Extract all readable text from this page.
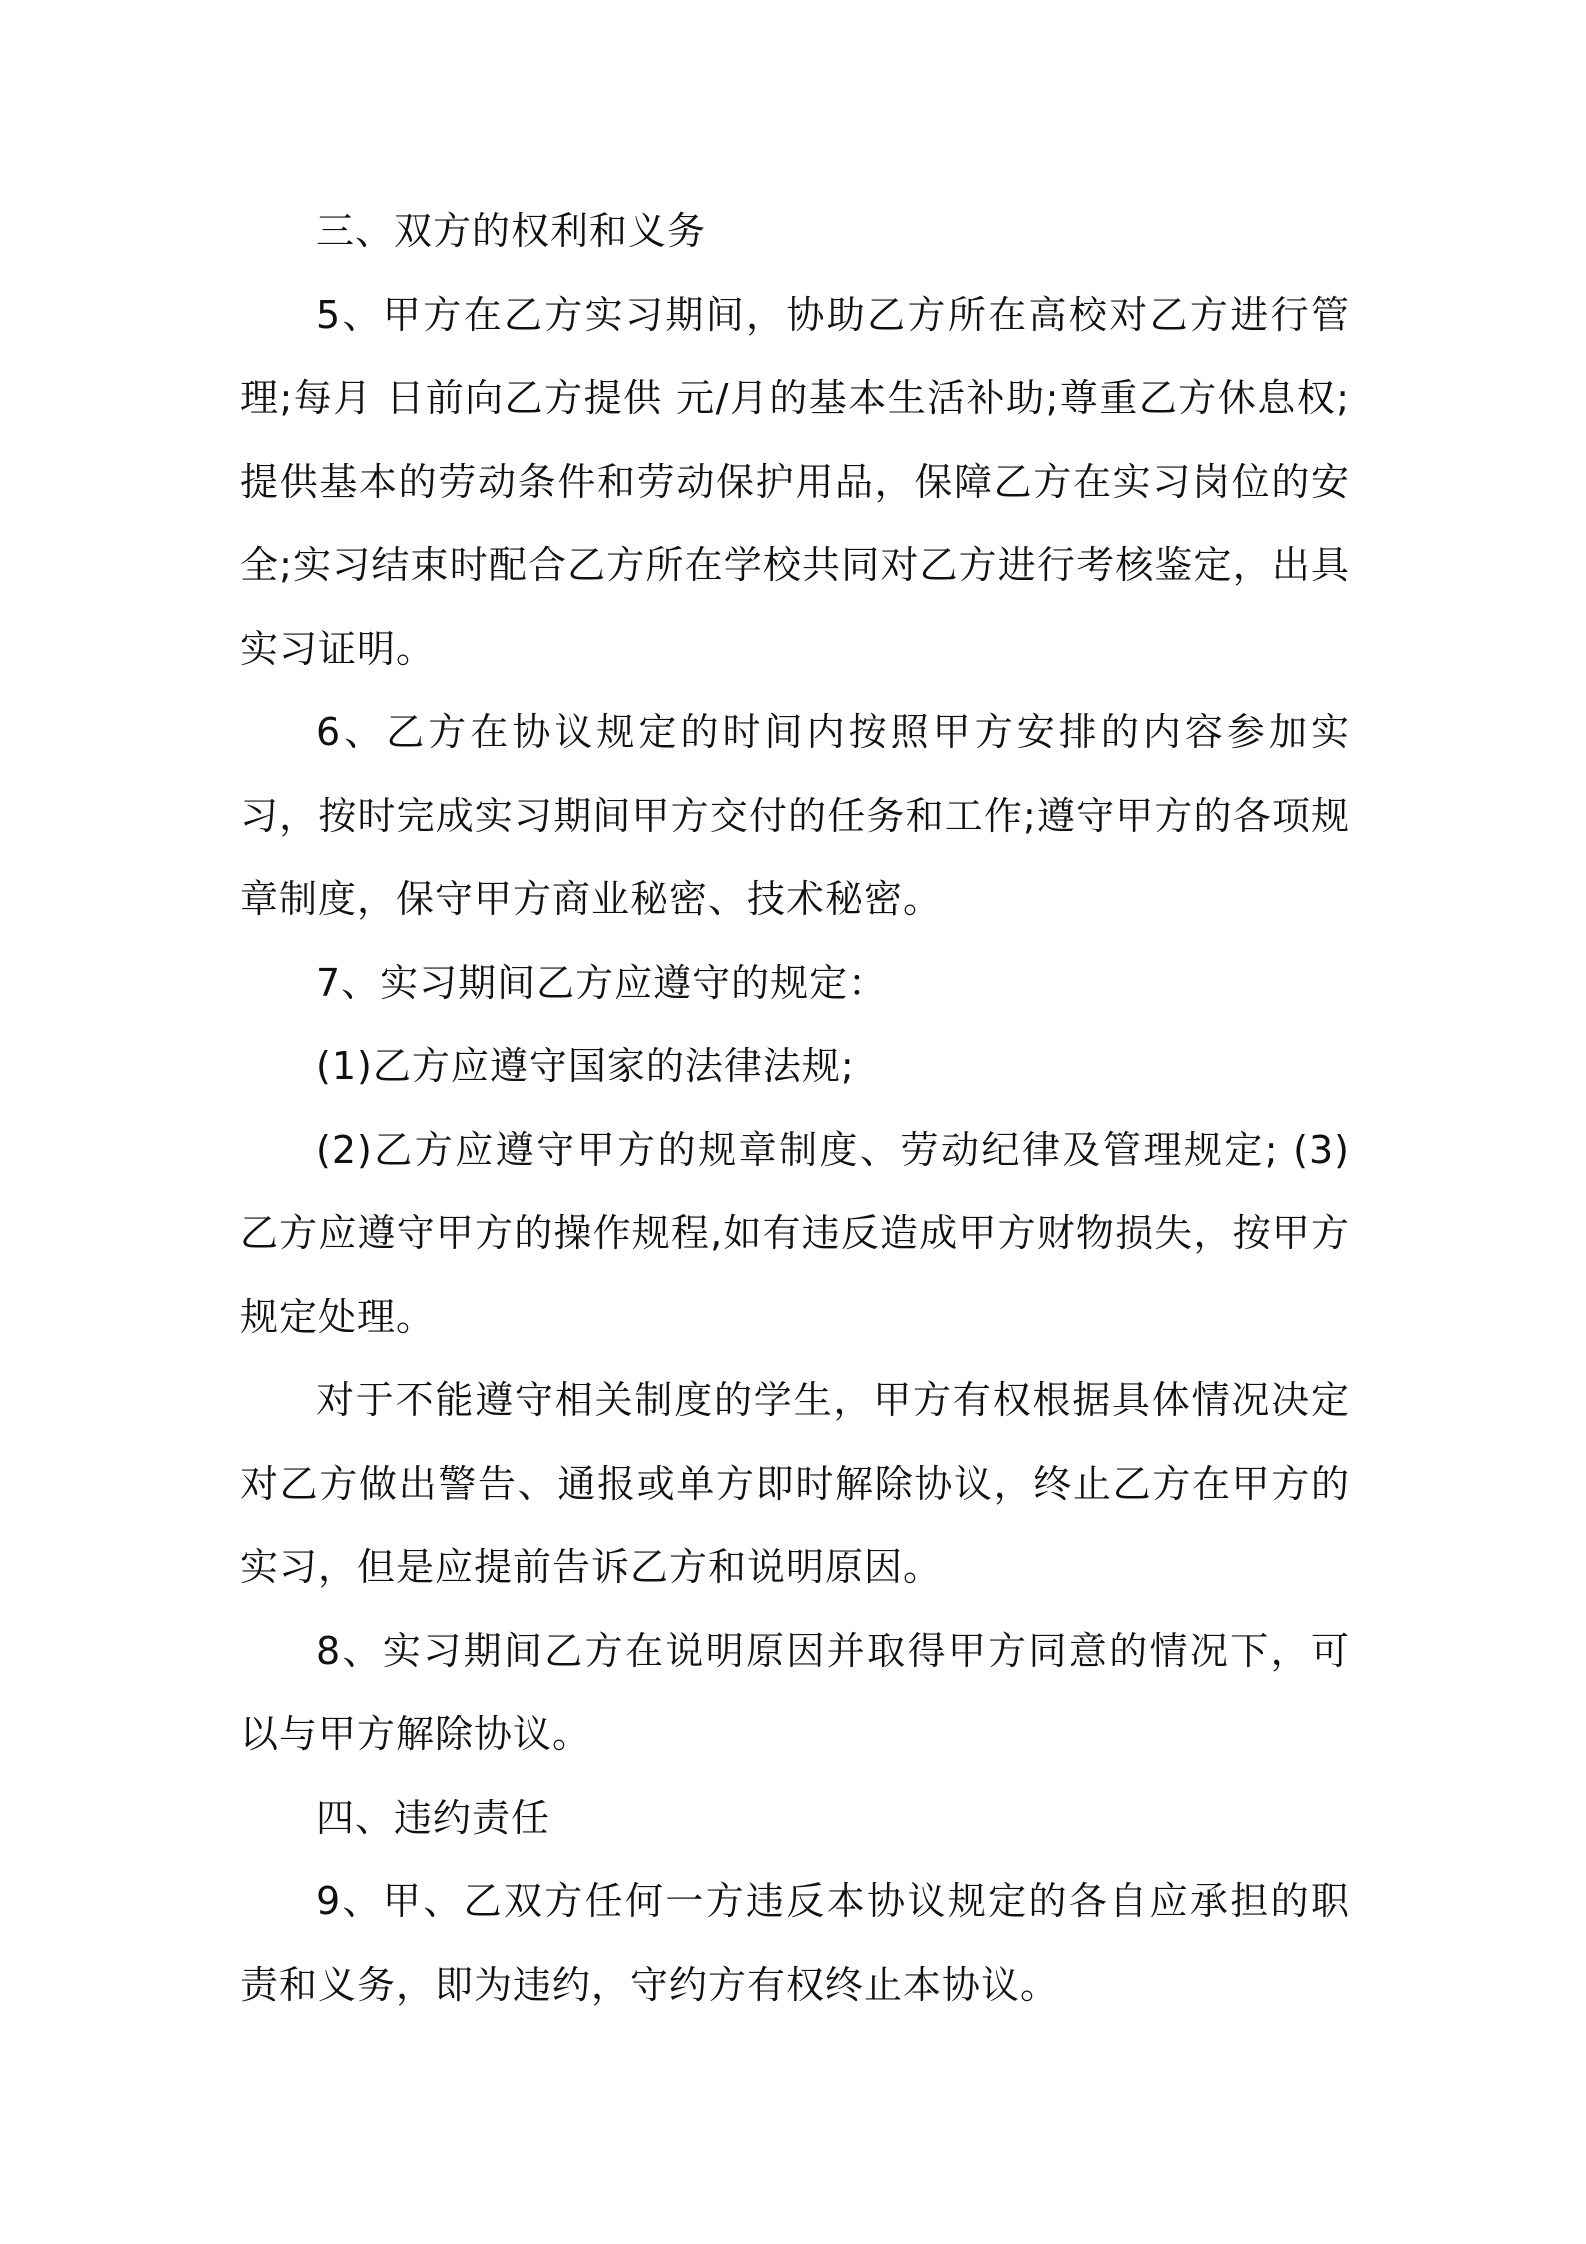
三、双方的权利和义务

5、甲方在乙方实习期间，协助乙方所在高校对乙方进行管理;每月 日前向乙方提供 元/月的基本生活补助;尊重乙方休息权;提供基本的劳动条件和劳动保护用品，保障乙方在实习岗位的安全;实习结束时配合乙方所在学校共同对乙方进行考核鉴定，出具实习证明。

6、乙方在协议规定的时间内按照甲方安排的内容参加实习，按时完成实习期间甲方交付的任务和工作;遵守甲方的各项规章制度，保守甲方商业秘密、技术秘密。

7、实习期间乙方应遵守的规定：

(1)乙方应遵守国家的法律法规;

(2)乙方应遵守甲方的规章制度、劳动纪律及管理规定; (3)乙方应遵守甲方的操作规程,如有违反造成甲方财物损失，按甲方规定处理。

对于不能遵守相关制度的学生，甲方有权根据具体情况决定对乙方做出警告、通报或单方即时解除协议，终止乙方在甲方的实习，但是应提前告诉乙方和说明原因。

8、实习期间乙方在说明原因并取得甲方同意的情况下，可以与甲方解除协议。

四、违约责任

9、甲、乙双方任何一方违反本协议规定的各自应承担的职责和义务，即为违约，守约方有权终止本协议。
